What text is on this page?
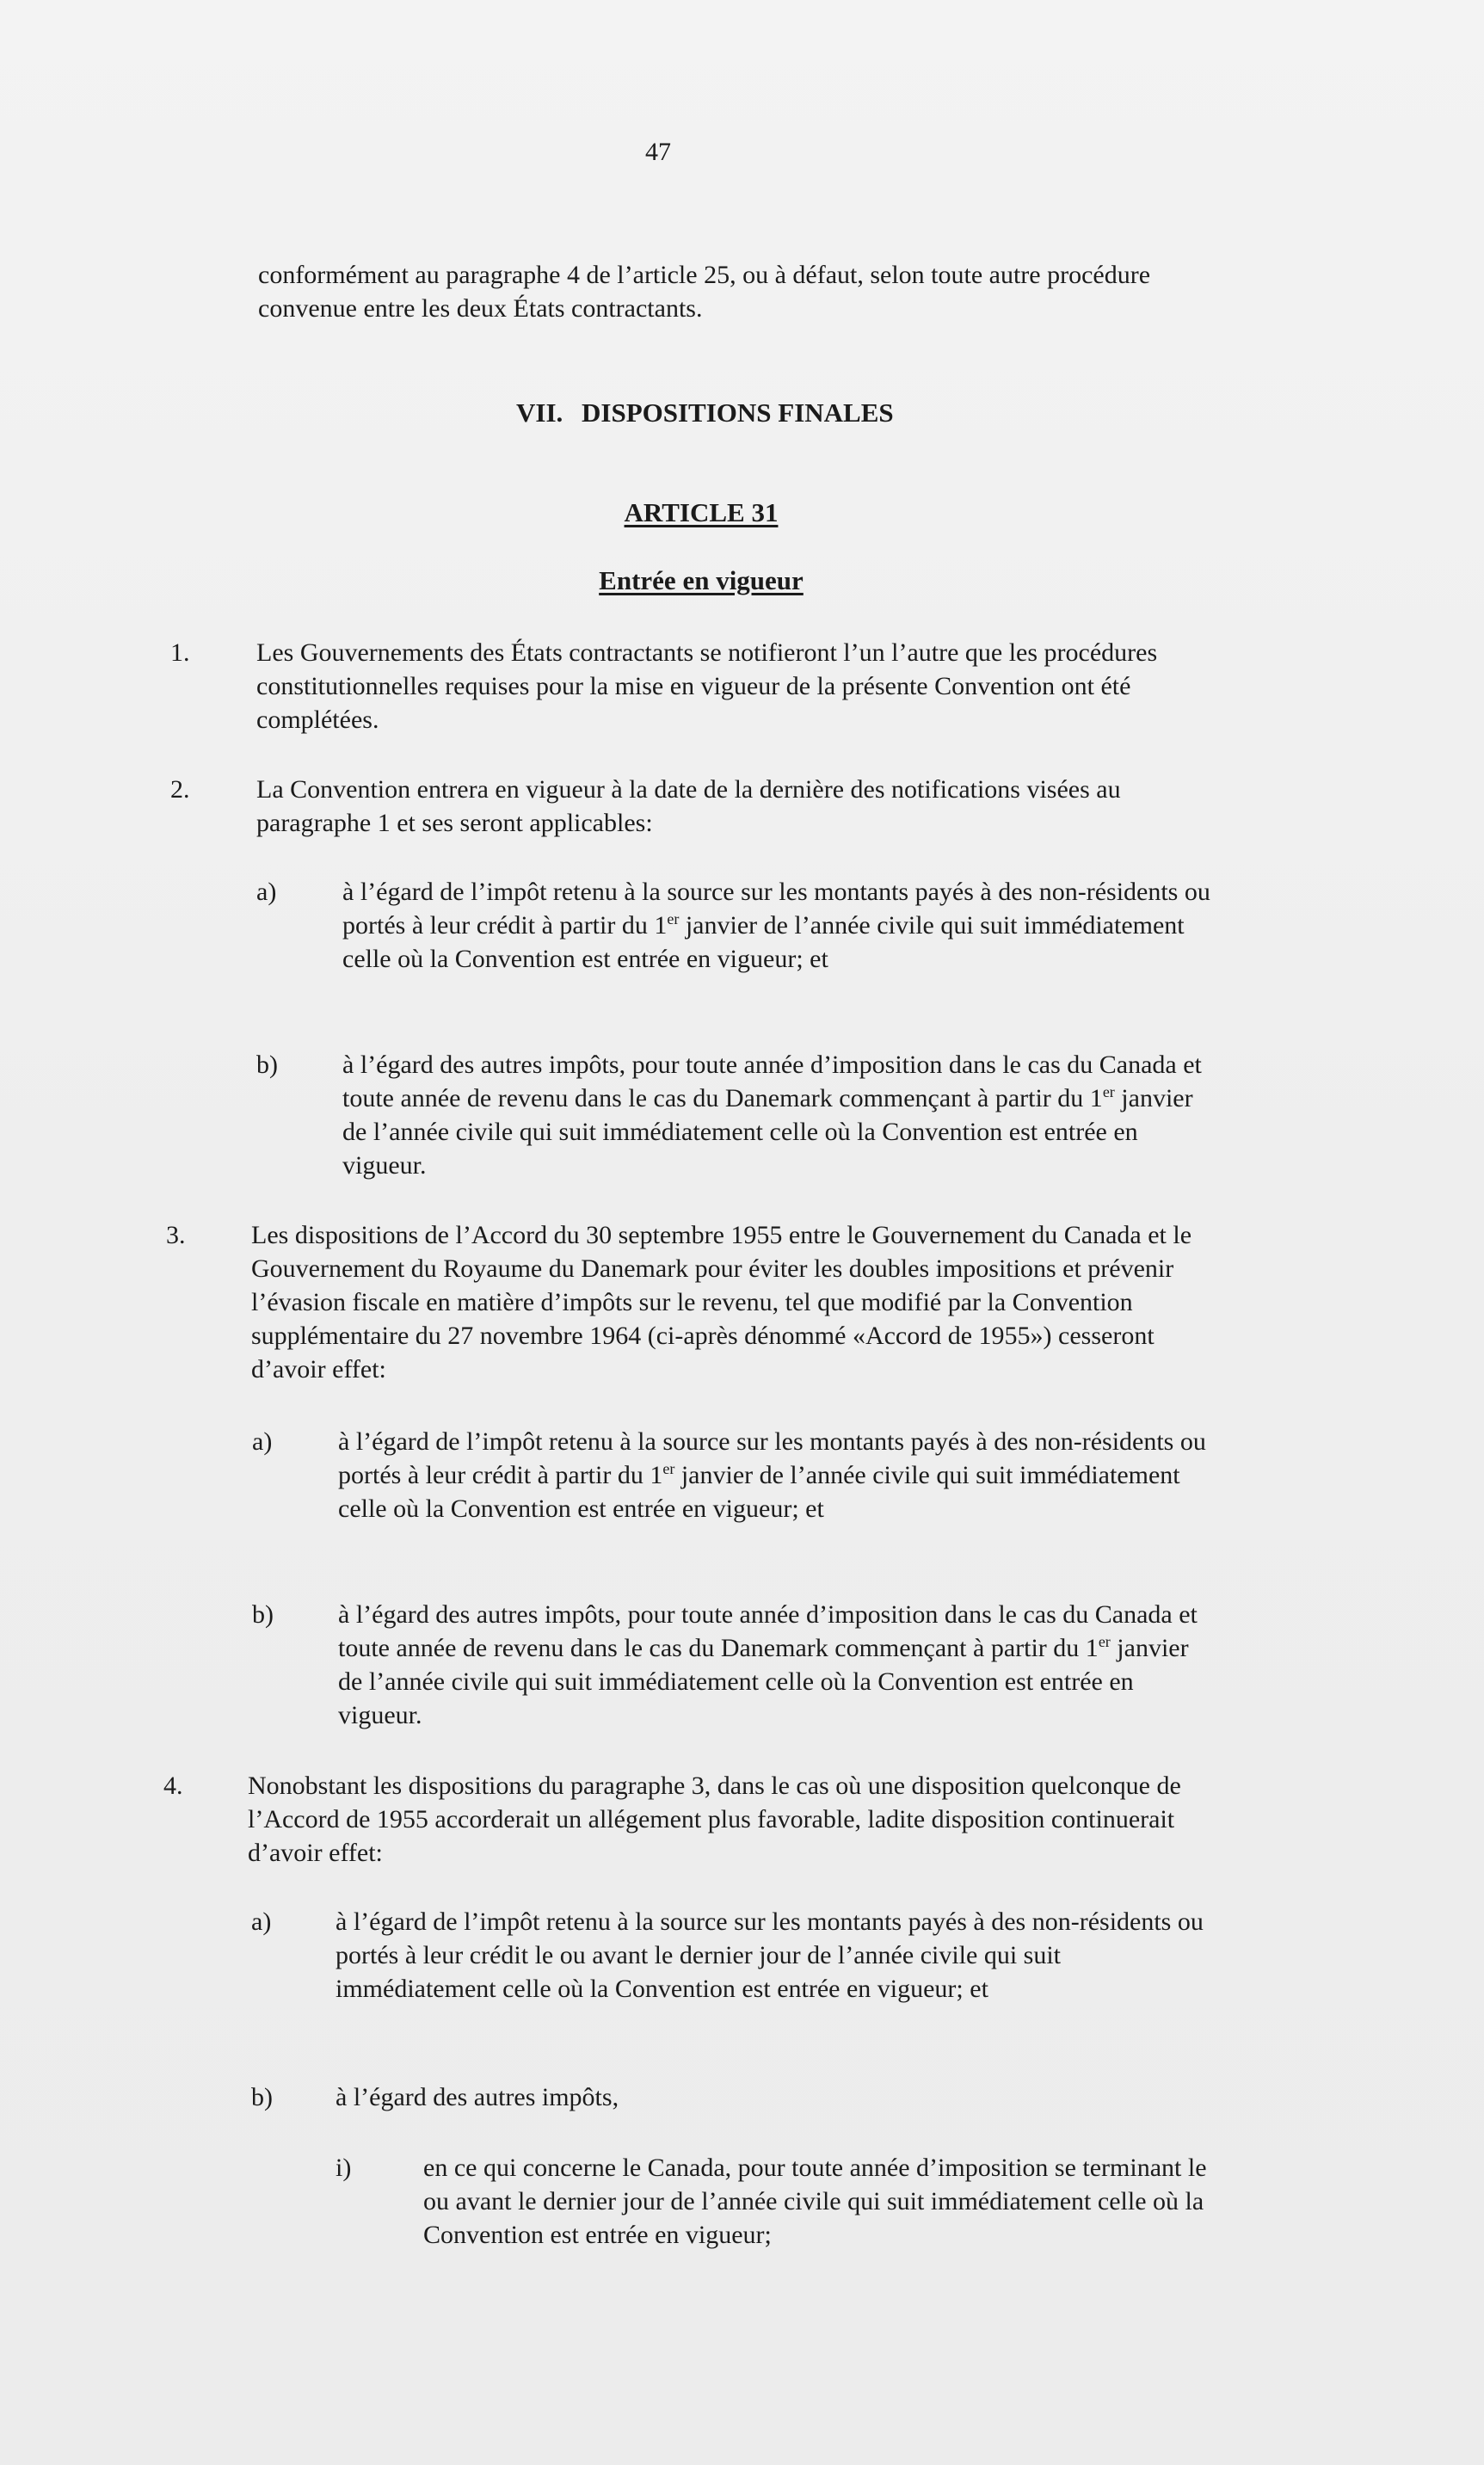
47

conformément au paragraphe 4 de l’article 25, ou à défaut, selon toute autre procédure convenue entre les deux États contractants.

VII. DISPOSITIONS FINALES
ARTICLE 31
Entrée en vigueur
1.	Les Gouvernements des États contractants se notifieront l’un l’autre que les procédures constitutionnelles requises pour la mise en vigueur de la présente Convention ont été complétées.

2.	La Convention entrera en vigueur à la date de la dernière des notifications visées au paragraphe 1 et ses seront applicables:

a)	à l’égard de l’impôt retenu à la source sur les montants payés à des non-résidents ou portés à leur crédit à partir du 1er janvier de l’année civile qui suit immédiatement celle où la Convention est entrée en vigueur; et

b)	à l’égard des autres impôts, pour toute année d’imposition dans le cas du Canada et toute année de revenu dans le cas du Danemark commençant à partir du 1er janvier de l’année civile qui suit immédiatement celle où la Convention est entrée en vigueur.

3.	Les dispositions de l’Accord du 30 septembre 1955 entre le Gouvernement du Canada et le Gouvernement du Royaume du Danemark pour éviter les doubles impositions et prévenir l’évasion fiscale en matière d’impôts sur le revenu, tel que modifié par la Convention supplémentaire du 27 novembre 1964 (ci-après dénommé «Accord de 1955») cesseront d’avoir effet:

a)	à l’égard de l’impôt retenu à la source sur les montants payés à des non-résidents ou portés à leur crédit à partir du 1er janvier de l’année civile qui suit immédiatement celle où la Convention est entrée en vigueur; et

b)	à l’égard des autres impôts, pour toute année d’imposition dans le cas du Canada et toute année de revenu dans le cas du Danemark commençant à partir du 1er janvier de l’année civile qui suit immédiatement celle où la Convention est entrée en vigueur.

4.	Nonobstant les dispositions du paragraphe 3, dans le cas où une disposition quelconque de l’Accord de 1955 accorderait un allégement plus favorable, ladite disposition continuerait d’avoir effet:

a) à l’égard de l’impôt retenu à la source sur les montants payés à des non-résidents ou portés à leur crédit le ou avant le dernier jour de l’année civile qui suit immédiatement celle où la Convention est entrée en vigueur; et

b) à l’égard des autres impôts,

i)	en ce qui concerne le Canada, pour toute année d’imposition se terminant le ou avant le dernier jour de l’année civile qui suit immédiatement celle où la Convention est entrée en vigueur;
